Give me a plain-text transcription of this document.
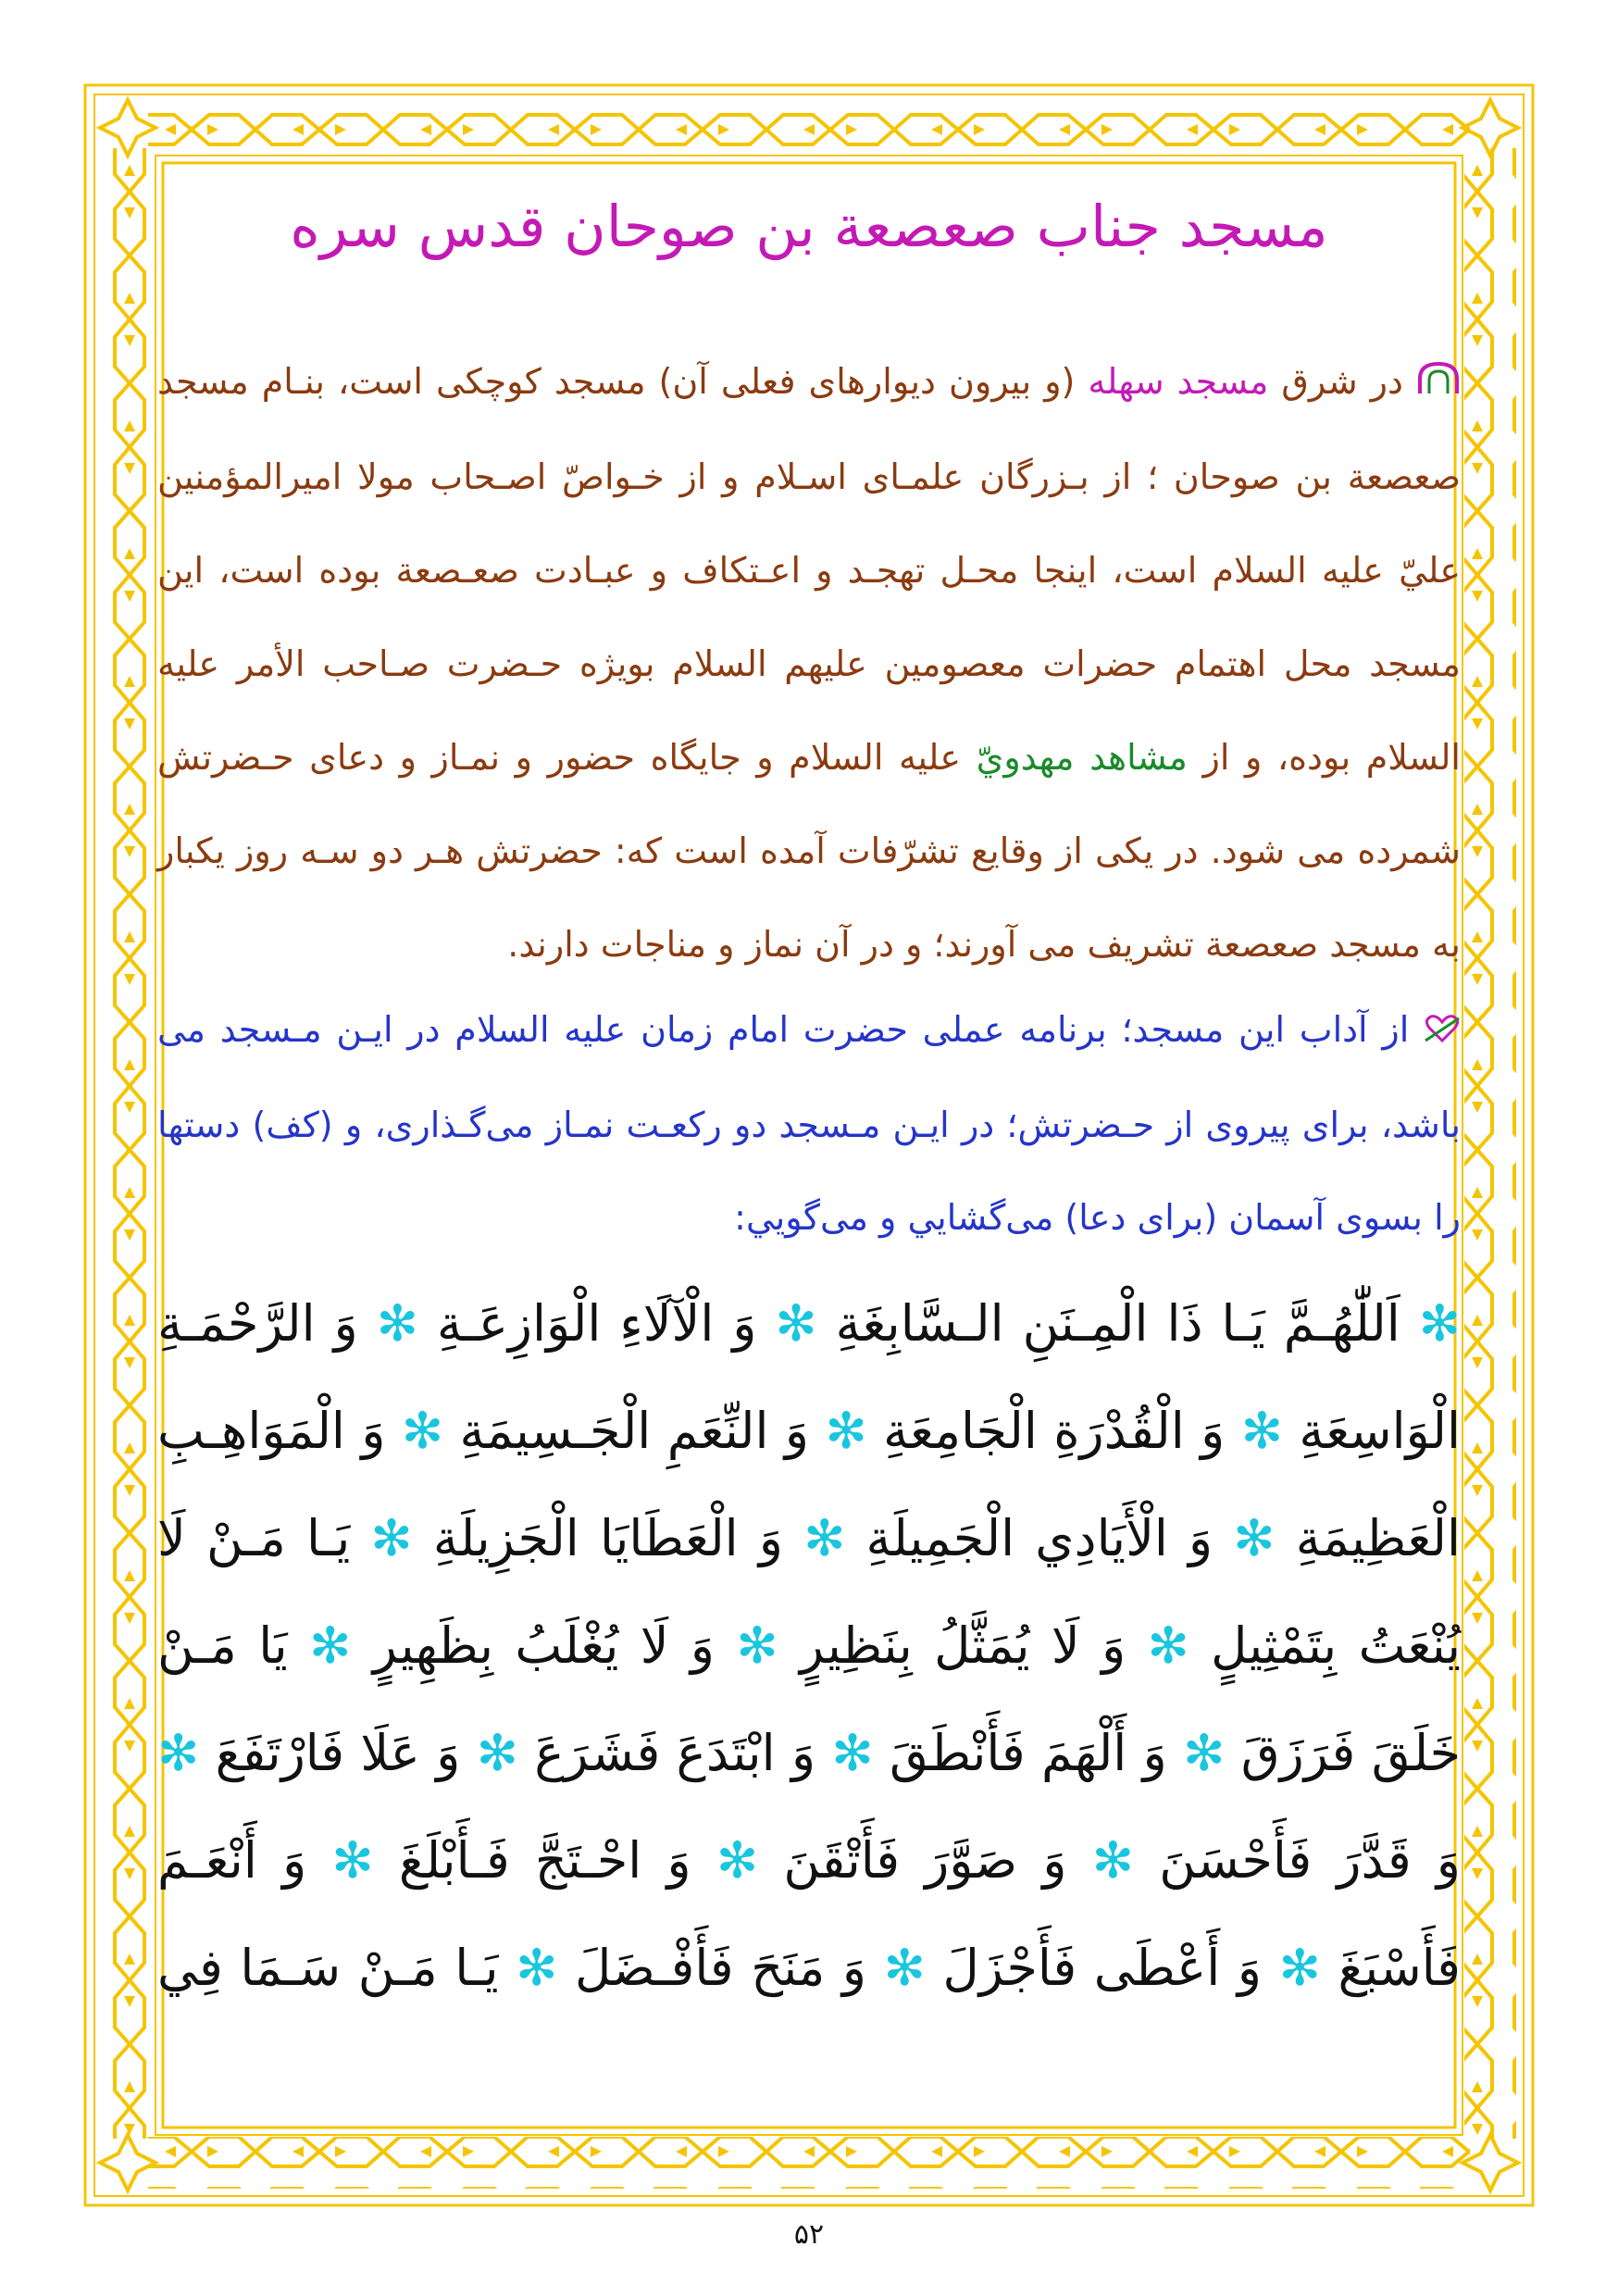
مسجد جناب صعصعة بن صوحان قدس سره
در شرق مسجد سهله (و بیرون دیوارهای فعلی آن) مسجد کوچکی است، بنـام مسجد صعصعة بن صوحان ؛ از بـزرگان علمـای اسـلام و از خـواصّ اصـحاب مولا امیرالمؤمنین عليّ علیه السلام است، اینجا محـل تهجـد و اعـتکاف و عبـادت صعـصعة بوده است، این مسجد محل اهتمام حضرات معصومین علیهم السلام بویژه حـضرت صـاحب الأمر علیه السلام بوده، و از مشاهد مهدويّ علیه السلام و جایگاه حضور و نمـاز و دعای حـضرتش شمرده می شود. در یکی از وقایع تشرّفات آمده است که: حضرتش هـر دو سـه روز یکبار به مسجد صعصعة تشریف می آورند؛ و در آن نماز و مناجات دارند.
از آداب این مسجد؛ برنامه عملی حضرت امام زمان علیه السلام در ایـن مـسجد می باشد، برای پیروی از حـضرتش؛ در ایـن مـسجد دو رکعـت نمـاز می‌گـذاری، و (کف) دستها را بسوی آسمان (برای دعا) می‌گشایي و می‌گويي:
✻ اَللّٰهُـمَّ يَـا ذَا الْمِـنَنِ الـسَّابِغَةِ ✻ وَ الْآلَاءِ الْوَازِعَـةِ ✻ وَ الرَّحْمَـةِ الْوَاسِعَةِ ✻ وَ الْقُدْرَةِ الْجَامِعَةِ ✻ وَ النِّعَمِ الْجَـسِيمَةِ ✻ وَ الْمَوَاهِـبِ الْعَظِيمَةِ ✻ وَ الْأَيَادِي الْجَمِيلَةِ ✻ وَ الْعَطَايَا الْجَزِيلَةِ ✻ يَـا مَـنْ لَا يُنْعَتُ بِتَمْثِيلٍ ✻ وَ لَا يُمَثَّلُ بِنَظِيرٍ ✻ وَ لَا يُغْلَبُ بِظَهِيرٍ ✻ يَا مَـنْ خَلَقَ فَرَزَقَ ✻ وَ أَلْهَمَ فَأَنْطَقَ ✻ وَ ابْتَدَعَ فَشَرَعَ ✻ وَ عَلَا فَارْتَفَعَ ✻ وَ قَدَّرَ فَأَحْسَنَ ✻ وَ صَوَّرَ فَأَتْقَنَ ✻ وَ احْـتَجَّ فَـأَبْلَغَ ✻ وَ أَنْعَـمَ فَأَسْبَغَ ✻ وَ أَعْطَى فَأَجْزَلَ ✻ وَ مَنَحَ فَأَفْـضَلَ ✻ يَـا مَـنْ سَـمَا فِي
۵۲
